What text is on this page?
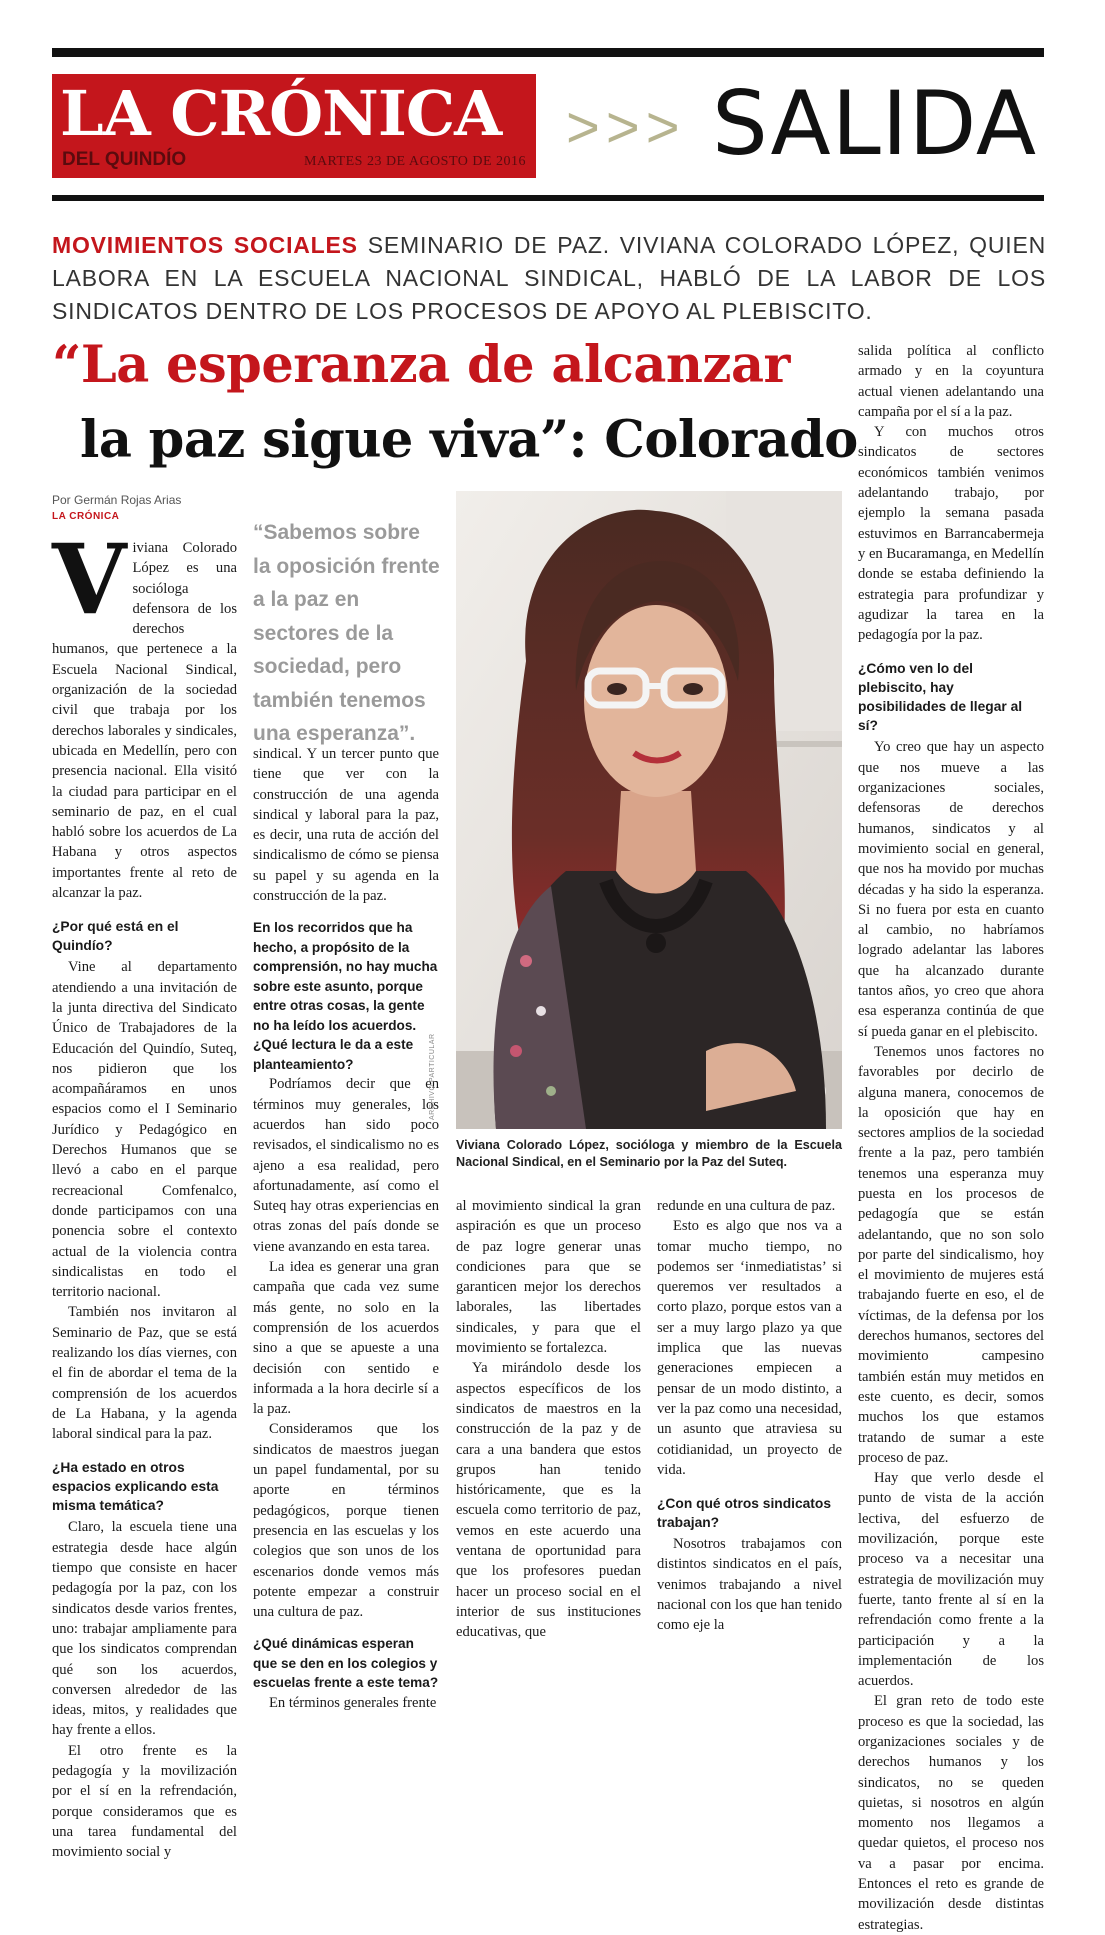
LA CRÓNICA
DEL QUINDÍO	MARTES 23 DE AGOSTO DE 2016
>>> SALIDA
MOVIMIENTOS SOCIALES SEMINARIO DE PAZ. VIVIANA COLORADO LÓPEZ, QUIEN LABORA EN LA ESCUELA NACIONAL SINDICAL, HABLÓ DE LA LABOR DE LOS SINDICATOS DENTRO DE LOS PROCESOS DE APOYO AL PLEBISCITO.
“La esperanza de alcanzar
la paz sigue viva”: Colorado
Por Germán Rojas Arias
LA CRÓNICA
V iviana Colorado López es una socióloga defensora de los derechos humanos, que pertenece a la Escuela Nacional Sindical, organización de la sociedad civil que trabaja por los derechos laborales y sindicales, ubicada en Medellín, pero con presencia nacional. Ella visitó la ciudad para participar en el seminario de paz, en el cual habló sobre los acuerdos de La Habana y otros aspectos importantes frente al reto de alcanzar la paz.

¿Por qué está en el Quindío?

Vine al departamento atendiendo a una invitación de la junta directiva del Sindicato Único de Trabajadores de la Educación del Quindío, Suteq, nos pidieron que los acompañáramos en unos espacios como el I Seminario Jurídico y Pedagógico en Derechos Humanos que se llevó a cabo en el parque recreacional Comfenalco, donde participamos con una ponencia sobre el contexto actual de la violencia contra sindicalistas en todo el territorio nacional.

También nos invitaron al Seminario de Paz, que se está realizando los días viernes, con el fin de abordar el tema de la comprensión de los acuerdos de La Habana, y la agenda laboral sindical para la paz.

¿Ha estado en otros espacios explicando esta misma temática?

Claro, la escuela tiene una estrategia desde hace algún tiempo que consiste en hacer pedagogía por la paz, con los sindicatos desde varios frentes, uno: trabajar ampliamente para que los sindicatos comprendan qué son los acuerdos, conversen alrededor de las ideas, mitos, y realidades que hay frente a ellos.

El otro frente es la pedagogía y la movilización por el sí en la refrendación, porque consideramos que es una tarea fundamental del movimiento social y

“Sabemos sobre la oposición frente a la paz en sectores de la sociedad, pero también tenemos una esperanza”.

sindical. Y un tercer punto que tiene que ver con la construcción de una agenda sindical y laboral para la paz, es decir, una ruta de acción del sindicalismo de cómo se piensa su papel y su agenda en la construcción de la paz.

En los recorridos que ha hecho, a propósito de la comprensión, no hay mucha sobre este asunto, porque entre otras cosas, la gente no ha leído los acuerdos. ¿Qué lectura le da a este planteamiento?

Podríamos decir que en términos muy generales, los acuerdos han sido poco revisados, el sindicalismo no es ajeno a esa realidad, pero afortunadamente, así como el Suteq hay otras experiencias en otras zonas del país donde se viene avanzando en esta tarea.

La idea es generar una gran campaña que cada vez sume más gente, no solo en la comprensión de los acuerdos sino a que se apueste a una decisión con sentido e informada a la hora decirle sí a la paz.

Consideramos que los sindicatos de maestros juegan un papel fundamental, por su aporte en términos pedagógicos, porque tienen presencia en las escuelas y los colegios que son unos de los escenarios donde vemos más potente empezar a construir una cultura de paz.

¿Qué dinámicas esperan que se den en los colegios y escuelas frente a este tema?

En términos generales frente

ARCHIVO PARTICULAR
Viviana Colorado López, socióloga y miembro de la Escuela Nacional Sindical, en el Seminario por la Paz del Suteq.

al movimiento sindical la gran aspiración es que un proceso de paz logre generar unas condiciones para que se garanticen mejor los derechos laborales, las libertades sindicales, y para que el movimiento se fortalezca.

Ya mirándolo desde los aspectos específicos de los sindicatos de maestros en la construcción de la paz y de cara a una bandera que estos grupos han tenido históricamente, que es la escuela como territorio de paz, vemos en este acuerdo una ventana de oportunidad para que los profesores puedan hacer un proceso social en el interior de sus instituciones educativas, que

redunde en una cultura de paz.

Esto es algo que nos va a tomar mucho tiempo, no podemos ser ‘inmediatistas’ si queremos ver resultados a corto plazo, porque estos van a ser a muy largo plazo ya que implica que las nuevas generaciones empiecen a pensar de un modo distinto, a ver la paz como una necesidad, un asunto que atraviesa su cotidianidad, un proyecto de vida.

¿Con qué otros sindicatos trabajan?

Nosotros trabajamos con distintos sindicatos en el país, venimos trabajando a nivel nacional con los que han tenido como eje la

salida política al conflicto armado y en la coyuntura actual vienen adelantando una campaña por el sí a la paz.

Y con muchos otros sindicatos de sectores económicos también venimos adelantando trabajo, por ejemplo la semana pasada estuvimos en Barrancabermeja y en Bucaramanga, en Medellín donde se estaba definiendo la estrategia para profundizar y agudizar la tarea en la pedagogía por la paz.

¿Cómo ven lo del plebiscito, hay posibilidades de llegar al sí?

Yo creo que hay un aspecto que nos mueve a las organizaciones sociales, defensoras de derechos humanos, sindicatos y al movimiento social en general, que nos ha movido por muchas décadas y ha sido la esperanza. Si no fuera por esta en cuanto al cambio, no habríamos logrado adelantar las labores que ha alcanzado durante tantos años, yo creo que ahora esa esperanza continúa de que sí pueda ganar en el plebiscito.

Tenemos unos factores no favorables por decirlo de alguna manera, conocemos de la oposición que hay en sectores amplios de la sociedad frente a la paz, pero también tenemos una esperanza muy puesta en los procesos de pedagogía que se están adelantando, que no son solo por parte del sindicalismo, hoy el movimiento de mujeres está trabajando fuerte en eso, el de víctimas, de la defensa por los derechos humanos, sectores del movimiento campesino también están muy metidos en este cuento, es decir, somos muchos los que estamos tratando de sumar a este proceso de paz.

Hay que verlo desde el punto de vista de la acción lectiva, del esfuerzo de movilización, porque este proceso va a necesitar una estrategia de movilización muy fuerte, tanto frente al sí en la refrendación como frente a la participación y a la implementación de los acuerdos.

El gran reto de todo este proceso es que la sociedad, las organizaciones sociales y de derechos humanos y los sindicatos, no se queden quietas, si nosotros en algún momento nos llegamos a quedar quietos, el proceso nos va a pasar por encima. Entonces el reto es grande de movilización desde distintas estrategias.
